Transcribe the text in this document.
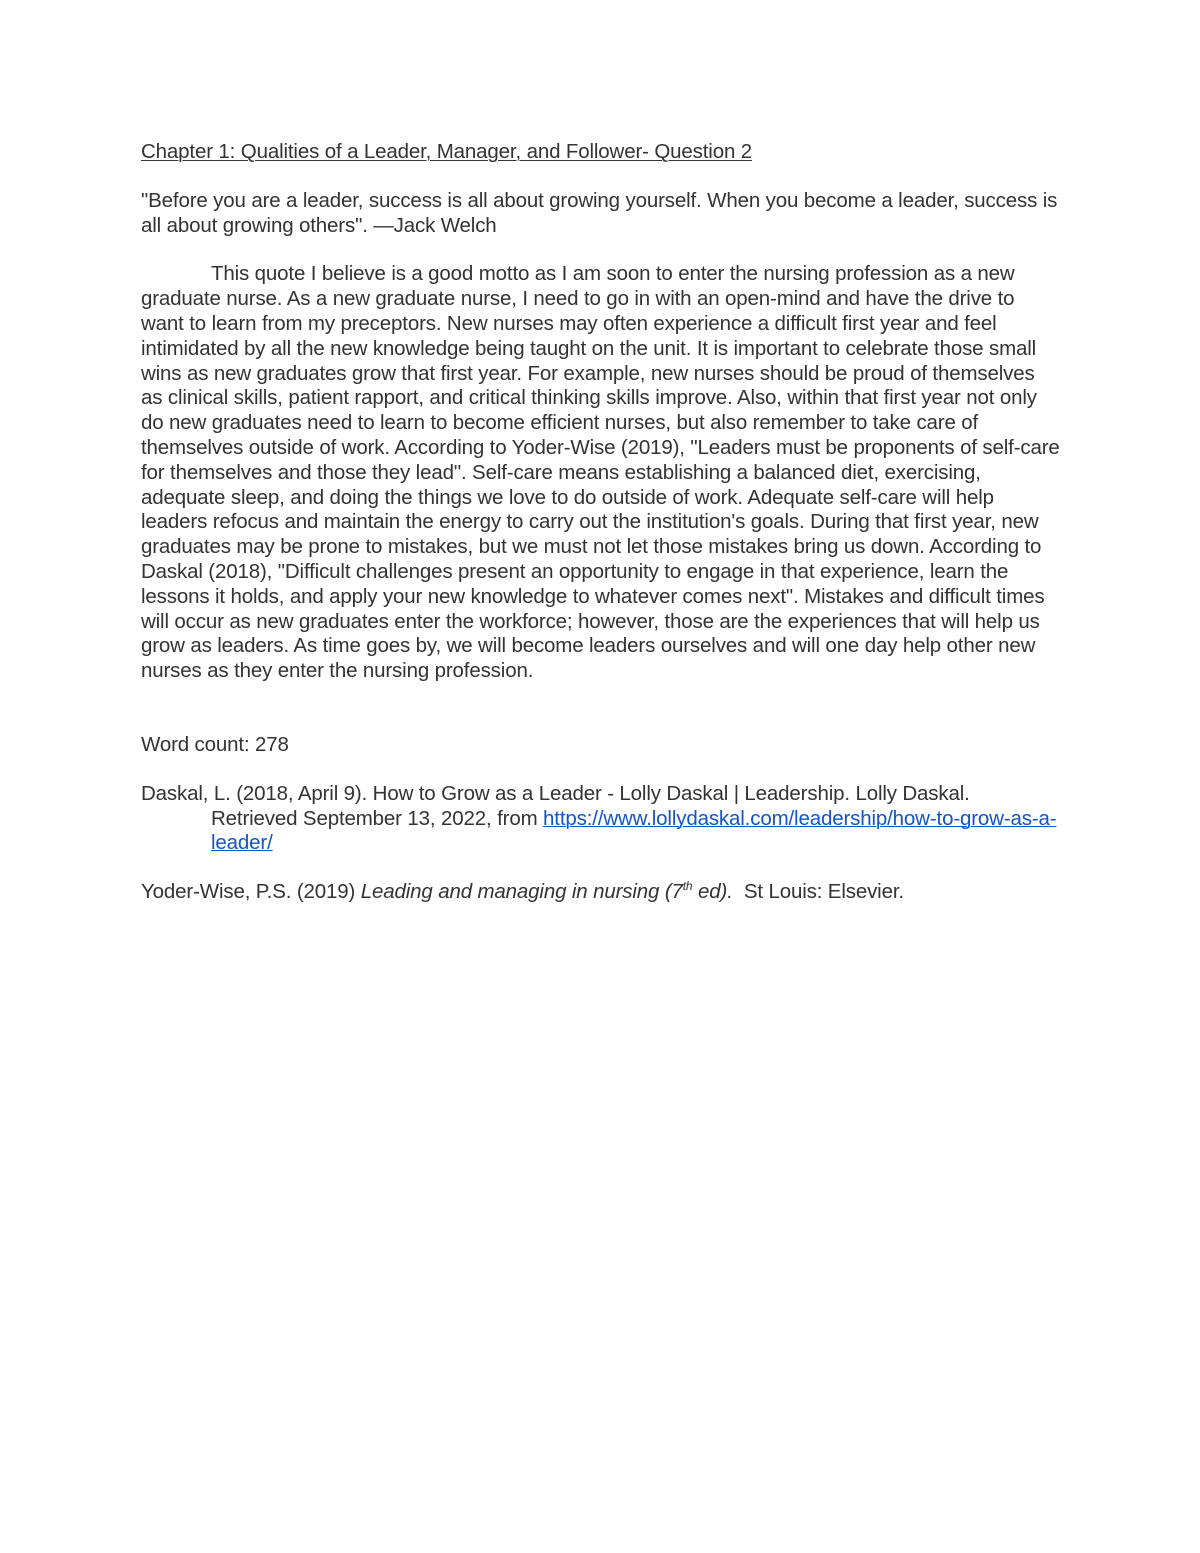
Chapter 1: Qualities of a Leader, Manager, and Follower- Question 2

"Before you are a leader, success is all about growing yourself. When you become a leader, success is all about growing others". —Jack Welch

This quote I believe is a good motto as I am soon to enter the nursing profession as a new graduate nurse. As a new graduate nurse, I need to go in with an open-mind and have the drive to want to learn from my preceptors. New nurses may often experience a difficult first year and feel intimidated by all the new knowledge being taught on the unit. It is important to celebrate those small wins as new graduates grow that first year. For example, new nurses should be proud of themselves as clinical skills, patient rapport, and critical thinking skills improve. Also, within that first year not only do new graduates need to learn to become efficient nurses, but also remember to take care of themselves outside of work. According to Yoder-Wise (2019), "Leaders must be proponents of self-care for themselves and those they lead". Self-care means establishing a balanced diet, exercising, adequate sleep, and doing the things we love to do outside of work. Adequate self-care will help leaders refocus and maintain the energy to carry out the institution's goals. During that first year, new graduates may be prone to mistakes, but we must not let those mistakes bring us down. According to Daskal (2018), "Difficult challenges present an opportunity to engage in that experience, learn the lessons it holds, and apply your new knowledge to whatever comes next". Mistakes and difficult times will occur as new graduates enter the workforce; however, those are the experiences that will help us grow as leaders. As time goes by, we will become leaders ourselves and will one day help other new nurses as they enter the nursing profession.

Word count: 278

Daskal, L. (2018, April 9). How to Grow as a Leader - Lolly Daskal | Leadership. Lolly Daskal. Retrieved September 13, 2022, from https://www.lollydaskal.com/leadership/how-to-grow-as-a-leader/

Yoder-Wise, P.S. (2019) Leading and managing in nursing (7th ed).  St Louis: Elsevier.
